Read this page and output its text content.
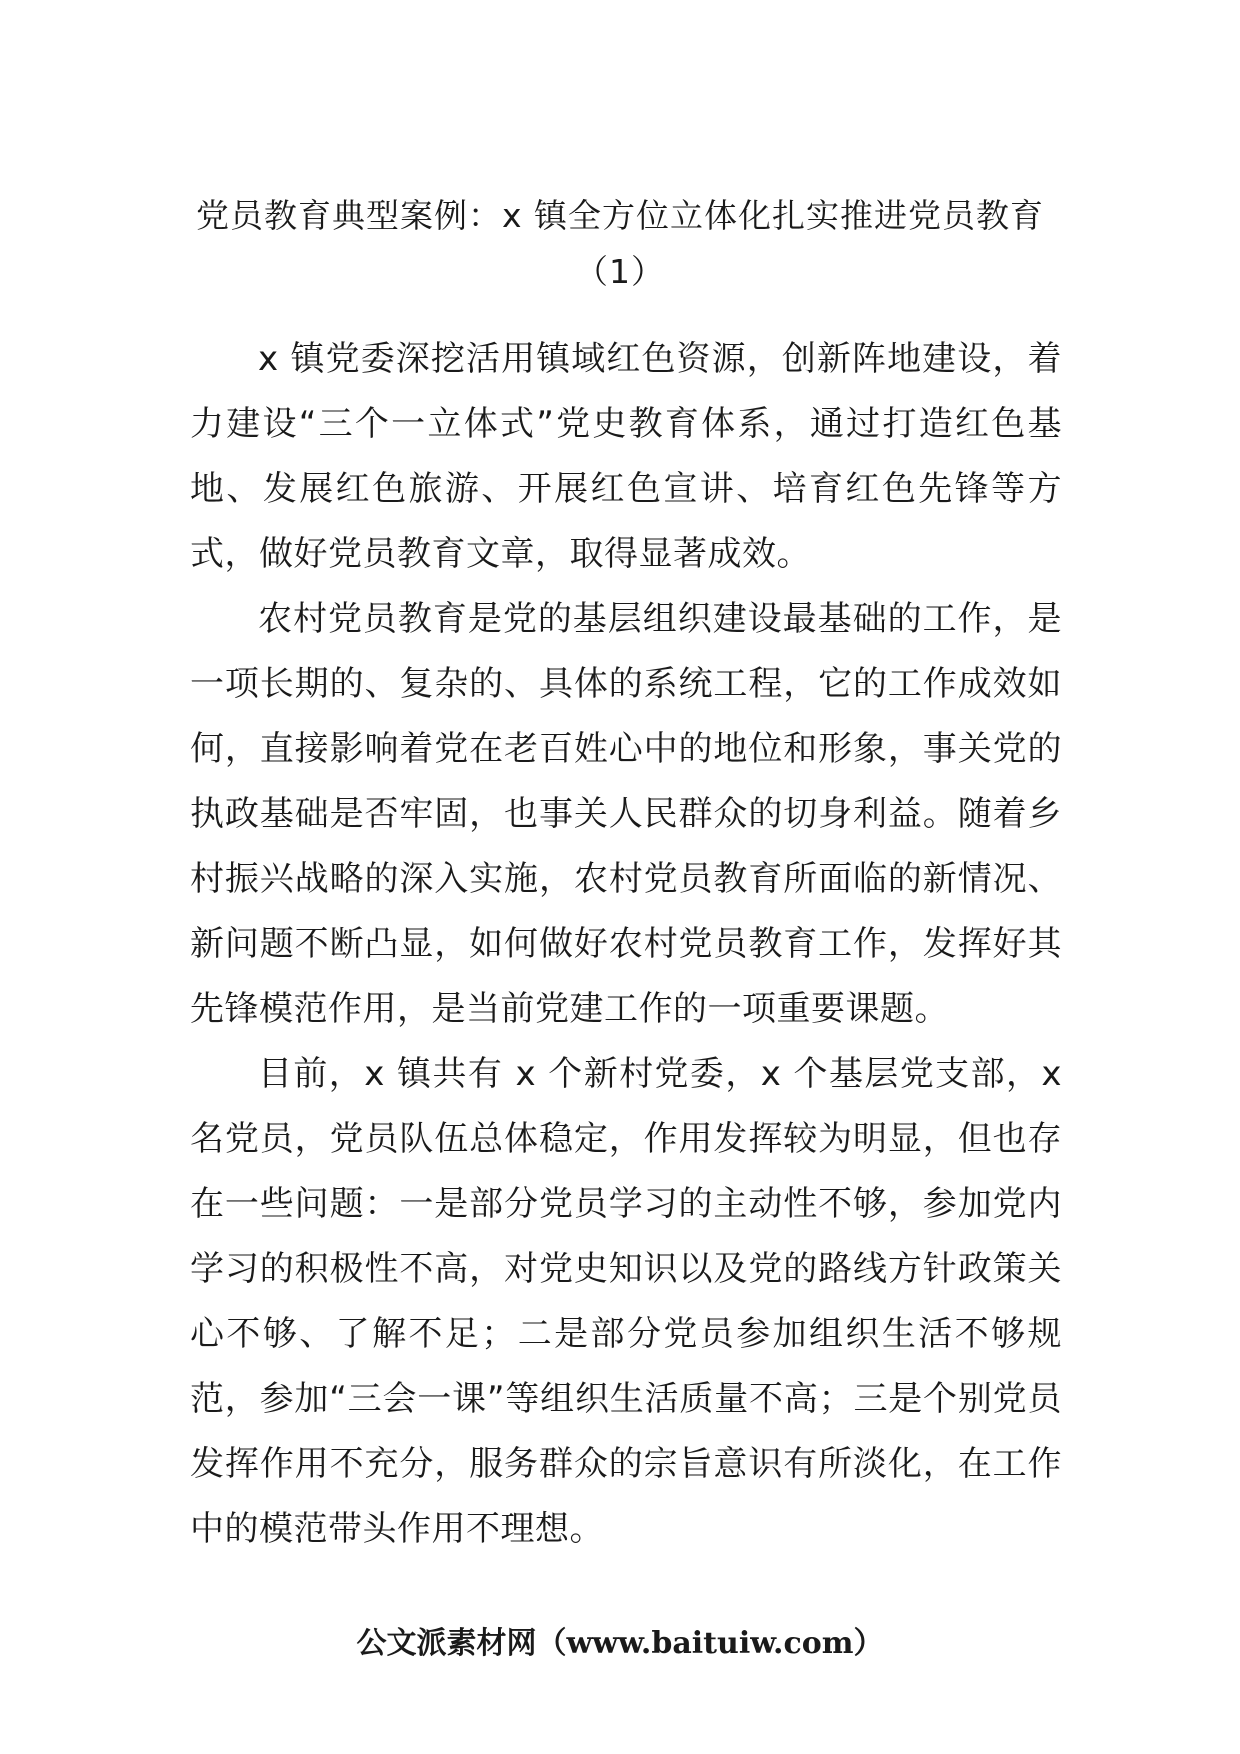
党员教育典型案例：x 镇全方位立体化扎实推进党员教育
（1）

x 镇党委深挖活用镇域红色资源，创新阵地建设，着力建设“三个一立体式”党史教育体系，通过打造红色基地、发展红色旅游、开展红色宣讲、培育红色先锋等方式，做好党员教育文章，取得显著成效。

农村党员教育是党的基层组织建设最基础的工作，是一项长期的、复杂的、具体的系统工程，它的工作成效如何，直接影响着党在老百姓心中的地位和形象，事关党的执政基础是否牢固，也事关人民群众的切身利益。随着乡村振兴战略的深入实施，农村党员教育所面临的新情况、新问题不断凸显，如何做好农村党员教育工作，发挥好其先锋模范作用，是当前党建工作的一项重要课题。

目前，x 镇共有 x 个新村党委，x 个基层党支部，x 名党员，党员队伍总体稳定，作用发挥较为明显，但也存在一些问题：一是部分党员学习的主动性不够，参加党内学习的积极性不高，对党史知识以及党的路线方针政策关心不够、了解不足；二是部分党员参加组织生活不够规范，参加“三会一课”等组织生活质量不高；三是个别党员发挥作用不充分，服务群众的宗旨意识有所淡化，在工作中的模范带头作用不理想。

公文派素材网（www.baituiw.com）
